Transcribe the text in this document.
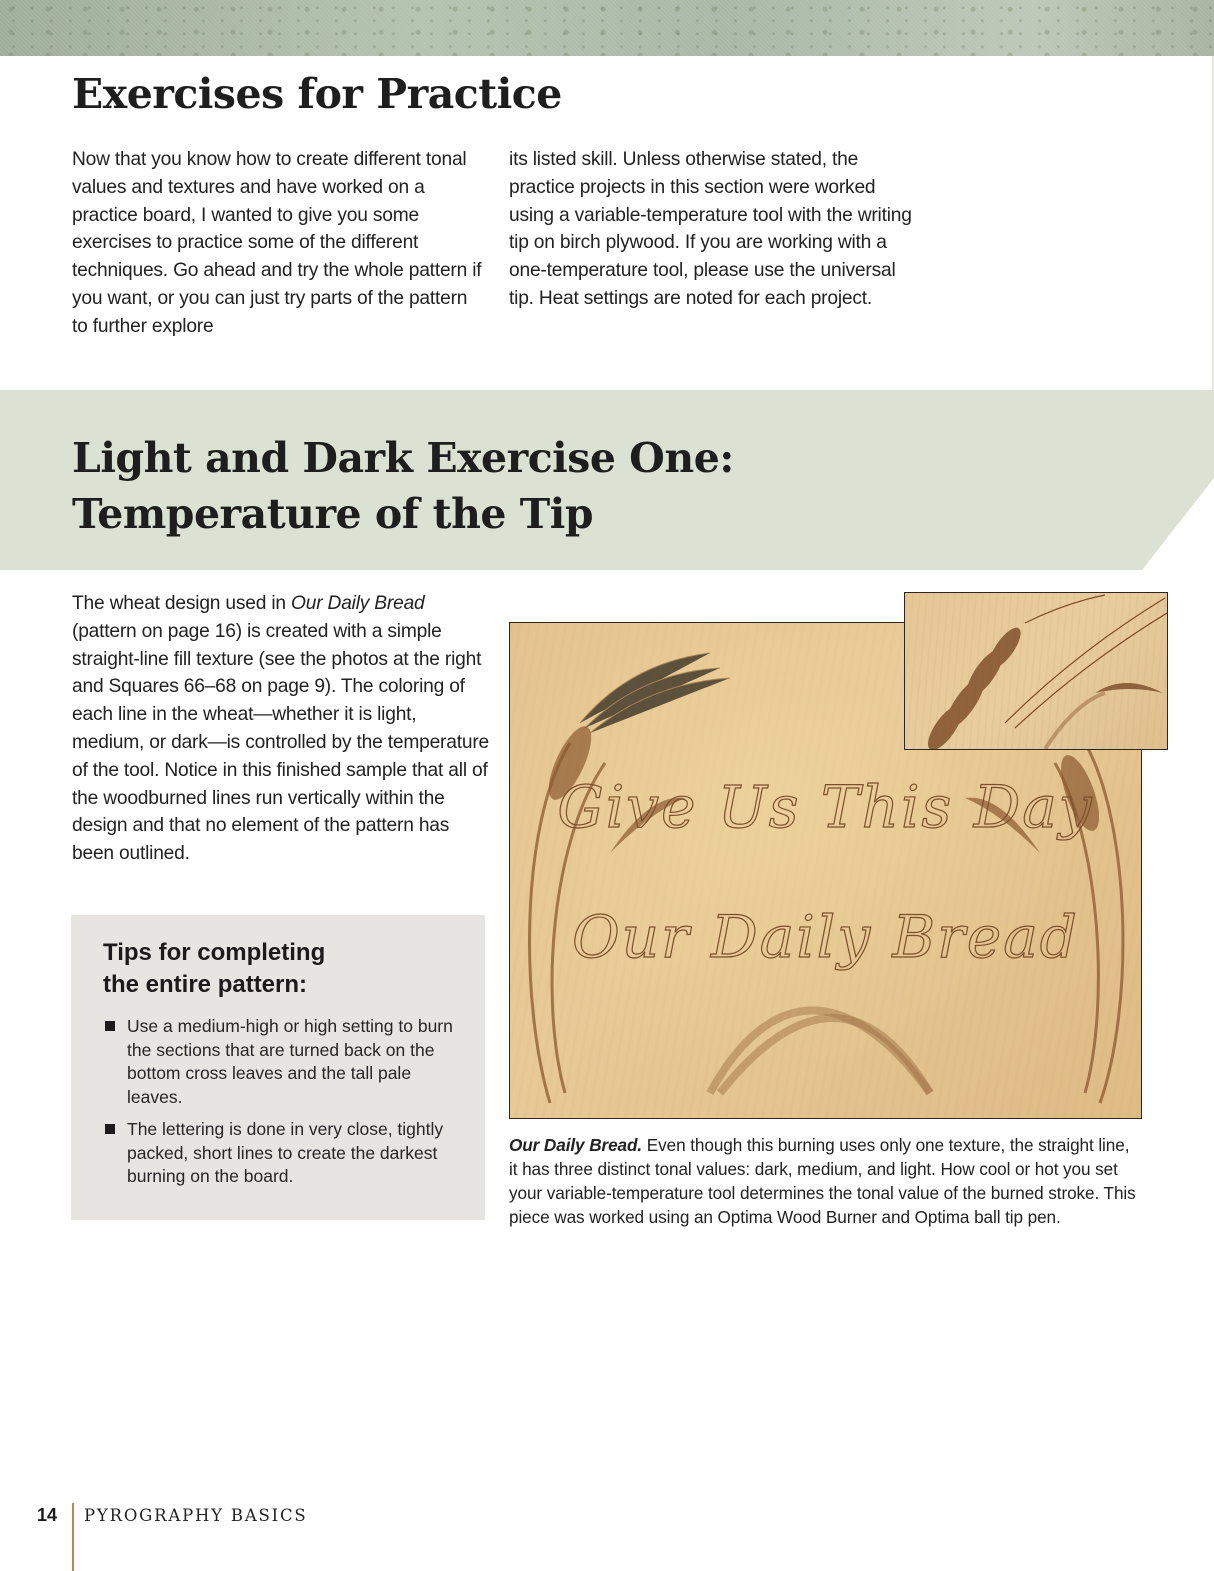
Exercises for Practice
Now that you know how to create different tonal values and textures and have worked on a practice board, I wanted to give you some exercises to practice some of the different techniques. Go ahead and try the whole pattern if you want, or you can just try parts of the pattern to further explore
its listed skill. Unless otherwise stated, the practice projects in this section were worked using a variable-temperature tool with the writing tip on birch plywood. If you are working with a one-temperature tool, please use the universal tip. Heat settings are noted for each project.
Light and Dark Exercise One:
Temperature of the Tip
The wheat design used in Our Daily Bread (pattern on page 16) is created with a simple straight-line fill texture (see the photos at the right and Squares 66–68 on page 9). The coloring of each line in the wheat—whether it is light, medium, or dark—is controlled by the temperature of the tool. Notice in this finished sample that all of the woodburned lines run vertically within the design and that no element of the pattern has been outlined.
Tips for completing
the entire pattern:
Use a medium-high or high setting to burn the sections that are turned back on the bottom cross leaves and the tall pale leaves.
The lettering is done in very close, tightly packed, short lines to create the darkest burning on the board.
Give Us This Day
Our Daily Bread
Our Daily Bread. Even though this burning uses only one texture, the straight line, it has three distinct tonal values: dark, medium, and light. How cool or hot you set your variable-temperature tool determines the tonal value of the burned stroke. This piece was worked using an Optima Wood Burner and Optima ball tip pen.
14 PYROGRAPHY BASICS
